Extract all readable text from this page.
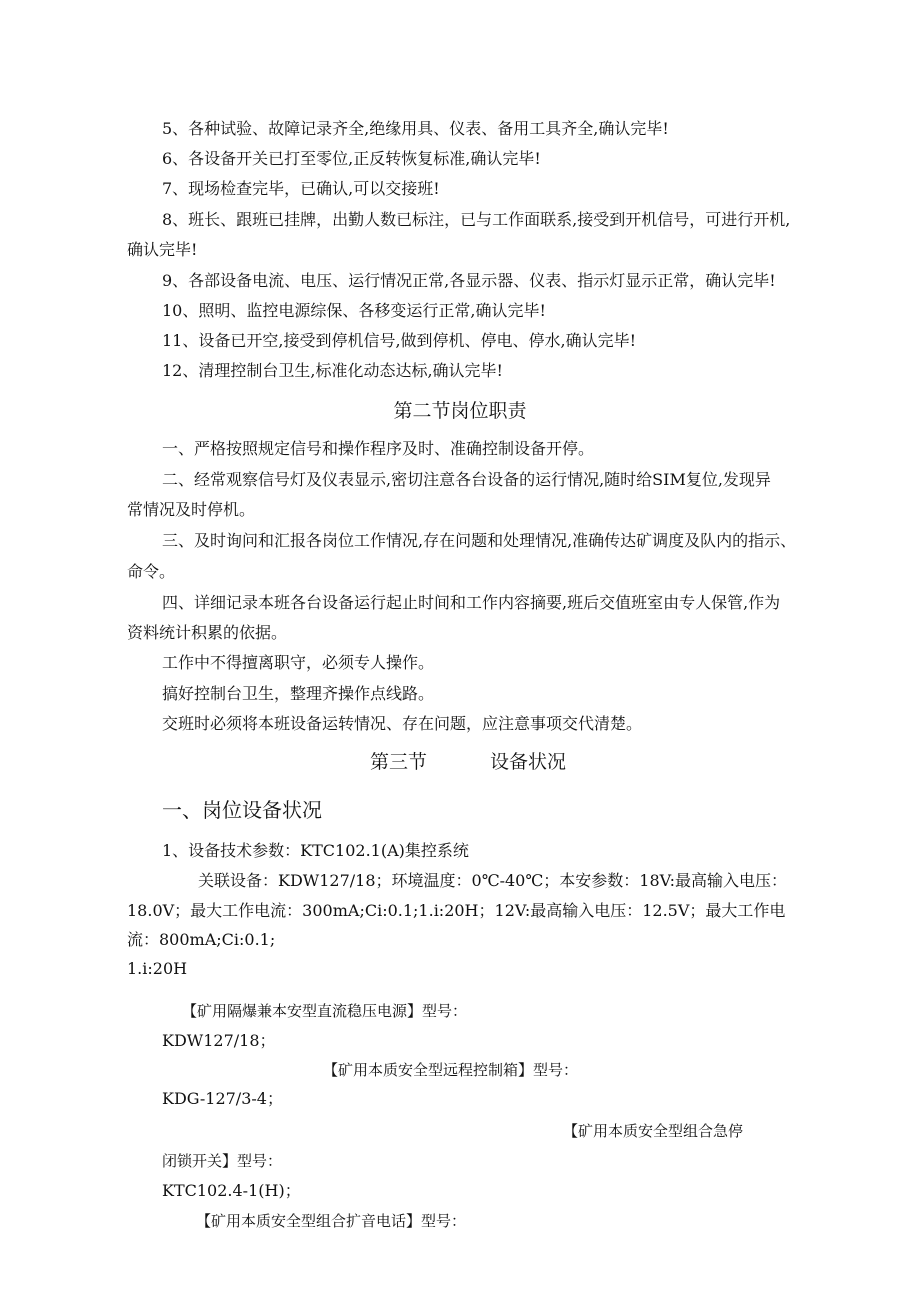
5、各种试验、故障记录齐全,绝缘用具、仪表、备用工具齐全,确认完毕!
6、各设备开关已打至零位,正反转恢复标准,确认完毕!
7、现场检查完毕，已确认,可以交接班!
8、班长、跟班已挂牌，出勤人数已标注，已与工作面联系,接受到开机信号，可进行开机,
确认完毕!
9、各部设备电流、电压、运行情况正常,各显示器、仪表、指示灯显示正常，确认完毕!
10、照明、监控电源综保、各移变运行正常,确认完毕!
11、设备已开空,接受到停机信号,做到停机、停电、停水,确认完毕!
12、清理控制台卫生,标准化动态达标,确认完毕!
第二节岗位职责
一、严格按照规定信号和操作程序及时、准确控制设备开停。
二、经常观察信号灯及仪表显示,密切注意各台设备的运行情况,随时给SIM复位,发现异
常情况及时停机。
三、及时询问和汇报各岗位工作情况,存在问题和处理情况,准确传达矿调度及队内的指示、
命令。
四、详细记录本班各台设备运行起止时间和工作内容摘要,班后交值班室由专人保管,作为
资料统计积累的依据。
工作中不得擅离职守，必须专人操作。
搞好控制台卫生，整理齐操作点线路。
交班时必须将本班设备运转情况、存在问题，应注意事项交代清楚。
第三节	设备状况
一、岗位设备状况
1、设备技术参数：KTC102.1(A)集控系统
关联设备：KDW127/18；环境温度：0℃-40℃；本安参数：18V:最高输入电压：
18.0V；最大工作电流：300mA;Ci:0.1;1.i:20H；12V:最高输入电压：12.5V；最大工作电
流：800mA;Ci:0.1;
1.i:20H
【矿用隔爆兼本安型直流稳压电源】型号：
KDW127/18；
【矿用本质安全型远程控制箱】型号：
KDG-127/3-4；
【矿用本质安全型组合急停
闭锁开关】型号：
KTC102.4-1(H)；
【矿用本质安全型组合扩音电话】型号：
